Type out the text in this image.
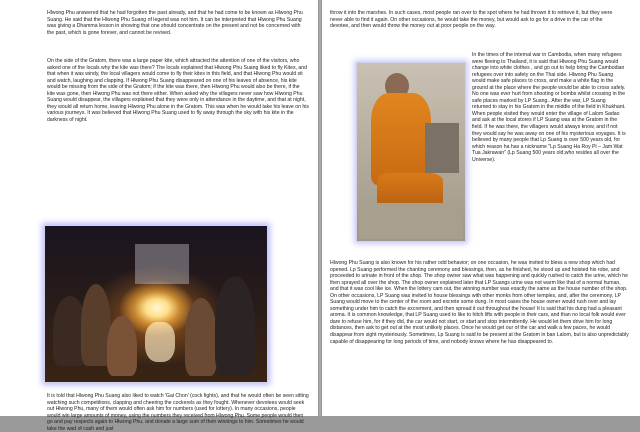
Hlwong Phu answered that he had forgotten the past already, and that he had come to be known as Hlwong Phu Suang. He said that the Hlwong Phu Suang of legend was not him. It can be interpreted that Hlwong Phu Suang was giving a Dhamma lesson in showing that one should concentrate on the present and not be concerned with the past, which is gone forever, and cannot be revived.

On the side of the Gratom, there was a large paper kite, which attracted the attention of one of the visitors, who asked one of the locals why the kite was there? The locals explained that Hlwong Phu Suang liked to fly Kites, and that when it was windy, the local villagers would come to fly their kites in this field, and that Hlwong Phu would sit and watch, laughing and clapping. If Hlwong Phu Suang disappeared on one of his leaves of absence, his kite would be missing from the side of the Gratom; if the kite was there, then Hlwong Phu would also be there, if the kite was gone, then Hlwong Phu was not there either. When asked why the villagers never saw how Hlwong Phu Suang would disappear, the villagers explained that they were only in attendance in the daytime, and that at night, they would all return home, leaving Hlwong Phu alone in the Gratom. This was when he would take his leave on his various journeys. It was believed that Hlwong Phu Suang used to fly away through the sky with his kite in the darkness of night.

It is told that Hlwong Phu Suang also liked to watch 'Gai Chon' (cock fights), and that he would often be seen sitting watching such competitions, clapping and cheering the cockerels as they fought. Whenever devotees would seek out Hlwong Phu, many of them would often ask him for numbers (used for lottery). In many occasions, people would win large amounts of money, using the numbers they received from Hlwong Phu. Some people would then go and pay respects again to Hlwong Phu, and donate a large sum of their winnings to him. Sometimes he would take the wad of cash and just

throw it into the marshes. In such cases, most people ran over to the spot where he had thrown it to retrieve it, but they were never able to find it again. On other occasions, he would take the money, but would ask to go for a drive in the car of the devotee, and then would throw the money out at poor people on the way.

In the times of the internal war in Cambodia, when many refugees were fleeing to Thailand, it is said that Hlwong Phu Suang would change into white clothes , and go out to help bring the Cambodian refugees over into safety on the Thai side. Hlwong Phu Suang would make safe places to cross, and make a white flag in the ground at the place where the people would be able to cross safely. No one was ever hurt from shooting or bombs whilst crossing in the safe places marked by LP Suang.. After the war, LP Suang returned to stay in his Gratom in the middle of the field in Khukhant. When people visited they would enter the village of Lalom Sadao and ask at the local stores if LP Suang was at the Gratom in the field. If he was there, the villagers would always know, and if not they would say he was away on one of his mysterious voyages. It is believed by many people that Lp Suang is over 500 years old, for which reason ha has a nickname "Lp Suang Ha Roy Pi – Jam Wat Tua Jakrawan" (Lp Suang 500 years old,who resides all over the Universe).

Hlwong Phu Suang is also known for his rather odd behavior; on one occasion, he was invited to bless a new shop which had opened. Lp Suang performed the chanting ceremony and blessings, then, as he finished, he stood up and hoisted his robe, and proceeded to urinate in front of the shop. The shop owner saw what was happening and quickly rushed to catch the urine, which he then sprayed all over the shop. The shop owner explained later that LP Suangs urine was not warm like that of a normal human, and that it was cool like ice. When the lottery cam out, the winning number was exactly the same as the house number of the shop. On other occasions, LP Suang was invited to house blessings with other monks from other temples, and, after the ceremony, LP Suang would move to the center of the room and excrete some dung. In most cases the house owner would rush over and lay something under him to catch the excrement, and then spread it out throughout the house! It is said that his dung had a pleasant aroma. It is common knowledge, that LP Suang used to like to hitch lifts with people in their cars, and than no local folk would ever dare to refuse him, for if they did, the car would not start, or start and stop intermittently. He would let them drive him for long distances, then ask to get out at the most unlikely places. Once he would get our of the car and walk a few paces, he would disappear from sight mysteriously. Sometimes, Lp Suang is said to be present at the Gratom in ban Lalom, but is also unpredictably capable of disappearing for long periods of time, and nobody knows where he has disappeared to.
